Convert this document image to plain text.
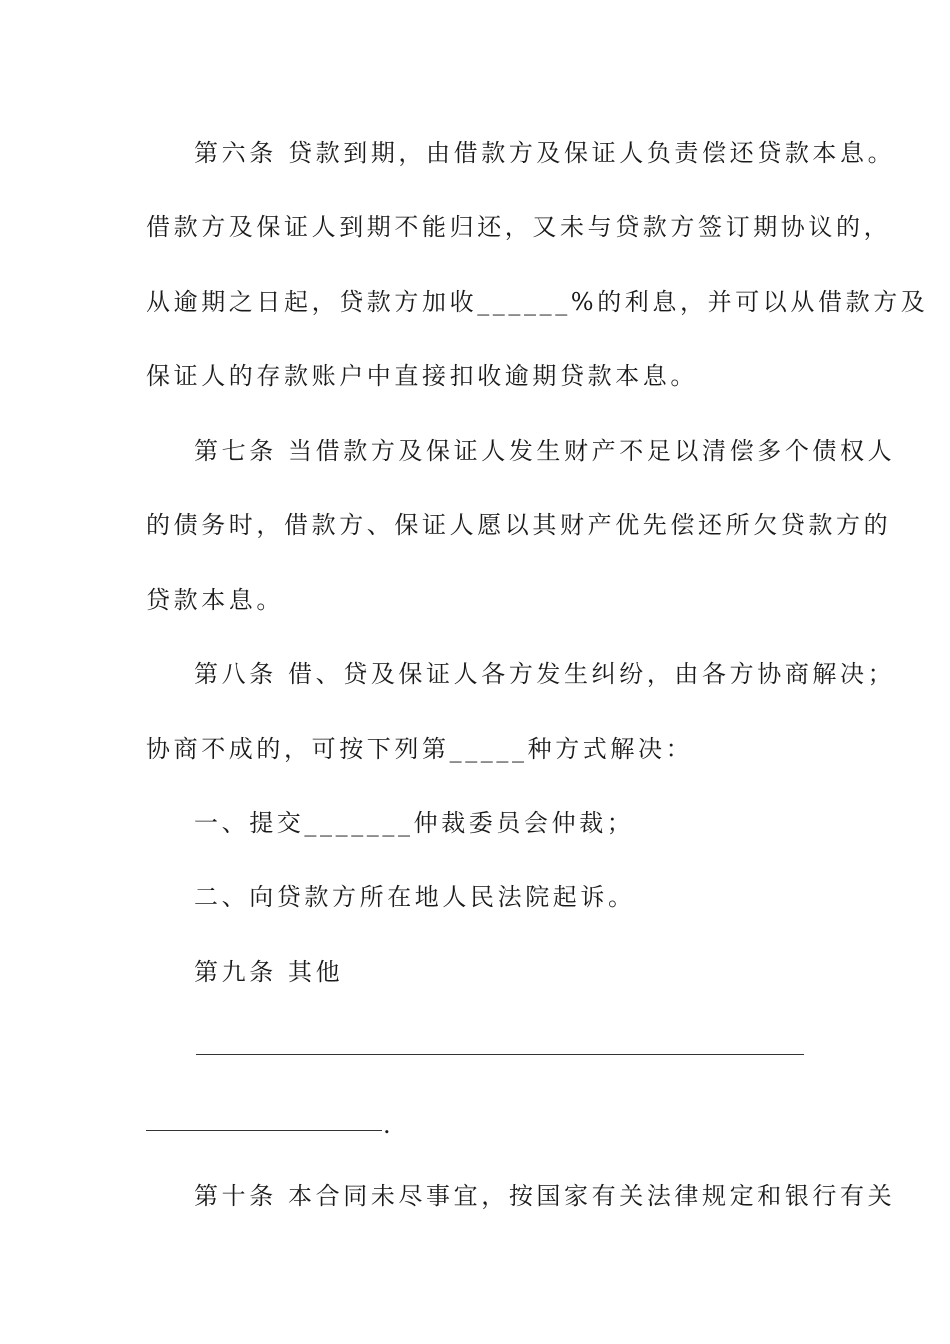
第六条 贷款到期，由借款方及保证人负责偿还贷款本息。
借款方及保证人到期不能归还，又未与贷款方签订期协议的，
从逾期之日起，贷款方加收______%的利息，并可以从借款方及
保证人的存款账户中直接扣收逾期贷款本息。
第七条 当借款方及保证人发生财产不足以清偿多个债权人
的债务时，借款方、保证人愿以其财产优先偿还所欠贷款方的
贷款本息。
第八条 借、贷及保证人各方发生纠纷，由各方协商解决；
协商不成的，可按下列第_____种方式解决：
一、提交_______仲裁委员会仲裁；
二、向贷款方所在地人民法院起诉。
第九条 其他
.
第十条 本合同未尽事宜，按国家有关法律规定和银行有关
